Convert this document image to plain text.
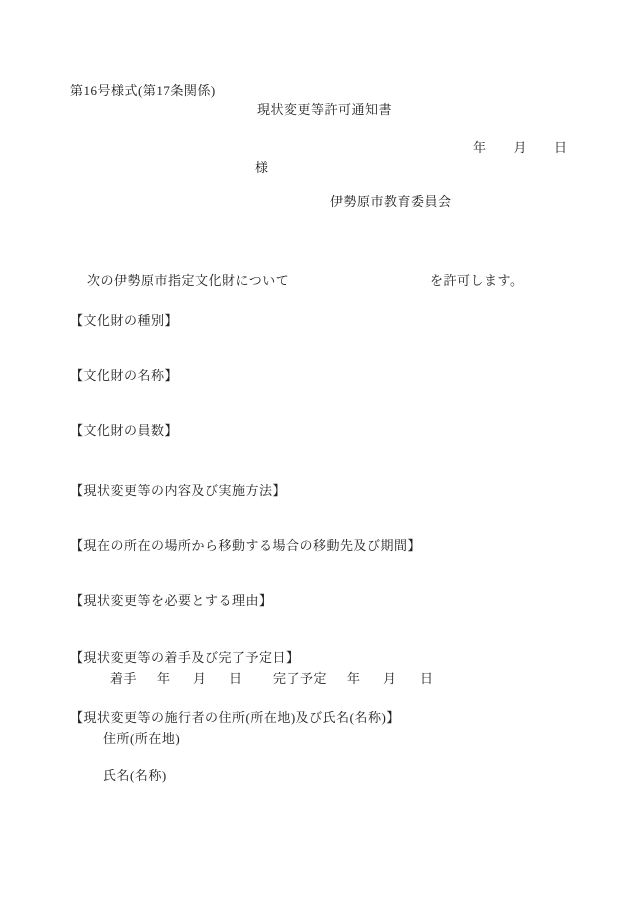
第16号様式(第17条関係)
現状変更等許可通知書
年　　月　　日
様
伊勢原市教育委員会
次の伊勢原市指定文化財について	を許可します。
【文化財の種別】
【文化財の名称】
【文化財の員数】
【現状変更等の内容及び実施方法】
【現在の所在の場所から移動する場合の移動先及び期間】
【現状変更等を必要とする理由】
【現状変更等の着手及び完了予定日】
着手 年 月 日 完了予定 年 月 日
【現状変更等の施行者の住所(所在地)及び氏名(名称)】
住所(所在地)
氏名(名称)
